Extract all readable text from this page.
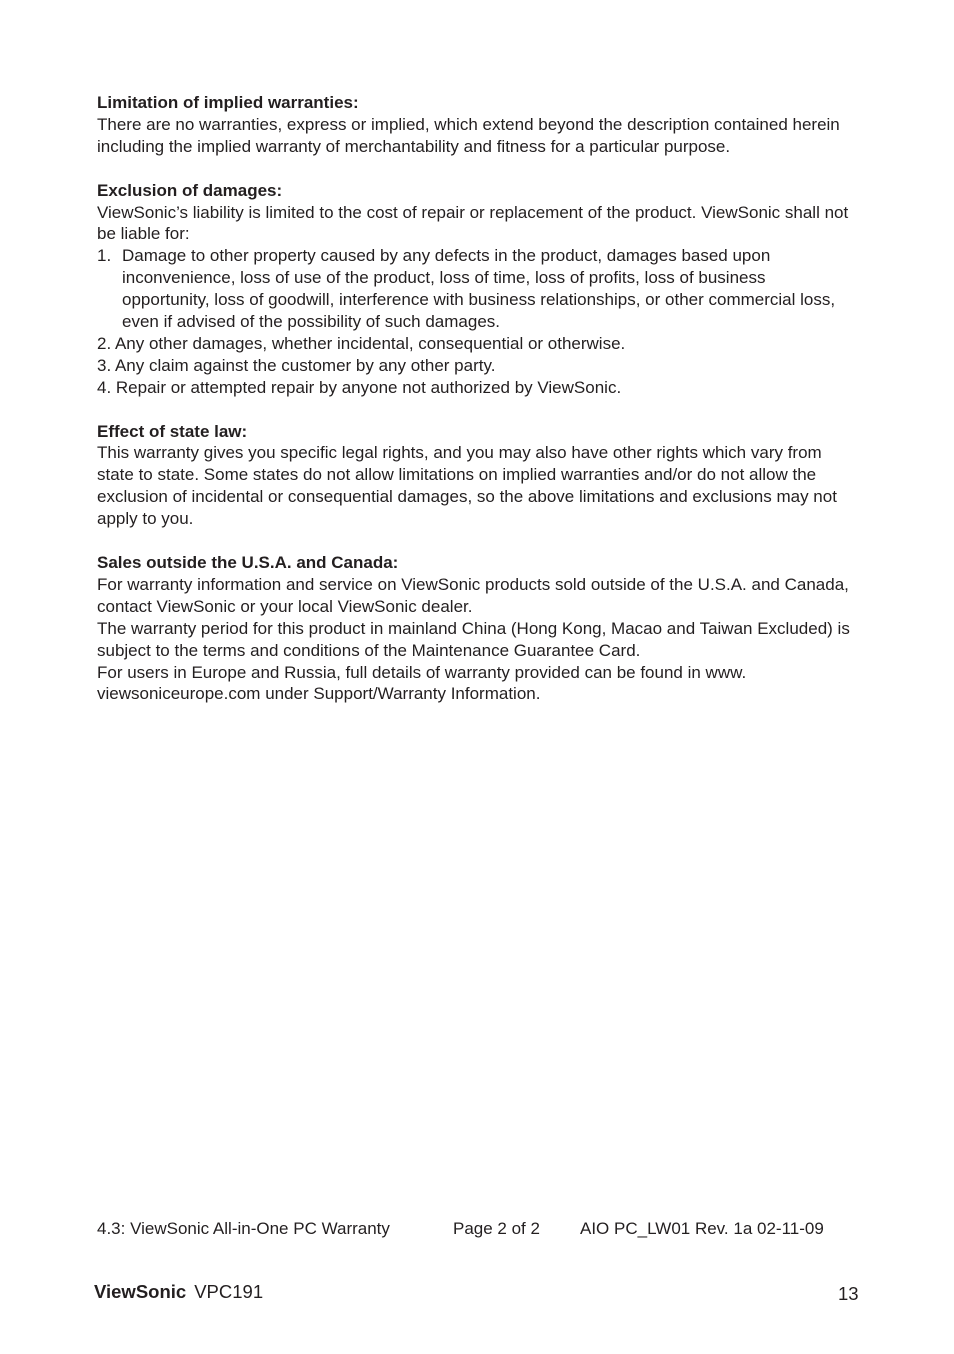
Limitation of implied warranties:
There are no warranties, express or implied, which extend beyond the description contained herein including the implied warranty of merchantability and fitness for a particular purpose.
Exclusion of damages:
ViewSonic’s liability is limited to the cost of repair or replacement of the product. ViewSonic shall not be liable for:
1. Damage to other property caused by any defects in the product, damages based upon inconvenience, loss of use of the product, loss of time, loss of profits, loss of business opportunity, loss of goodwill, interference with business relationships, or other commercial loss, even if advised of the possibility of such damages.
2. Any other damages, whether incidental, consequential or otherwise.
3. Any claim against the customer by any other party.
4. Repair or attempted repair by anyone not authorized by ViewSonic.
Effect of state law:
This warranty gives you specific legal rights, and you may also have other rights which vary from state to state. Some states do not allow limitations on implied warranties and/or do not allow the exclusion of incidental or consequential damages, so the above limitations and exclusions may not apply to you.
Sales outside the U.S.A. and Canada:
For warranty information and service on ViewSonic products sold outside of the U.S.A. and Canada, contact ViewSonic or your local ViewSonic dealer.
The warranty period for this product in mainland China (Hong Kong, Macao and Taiwan Excluded) is subject to the terms and conditions of the Maintenance Guarantee Card.
For users in Europe and Russia, full details of warranty provided can be found in www. viewsoniceurope.com under Support/Warranty Information.
4.3: ViewSonic All-in-One PC Warranty	Page 2 of 2 AIO PC_LW01 Rev. 1a 02-11-09
ViewSonic VPC191	13
